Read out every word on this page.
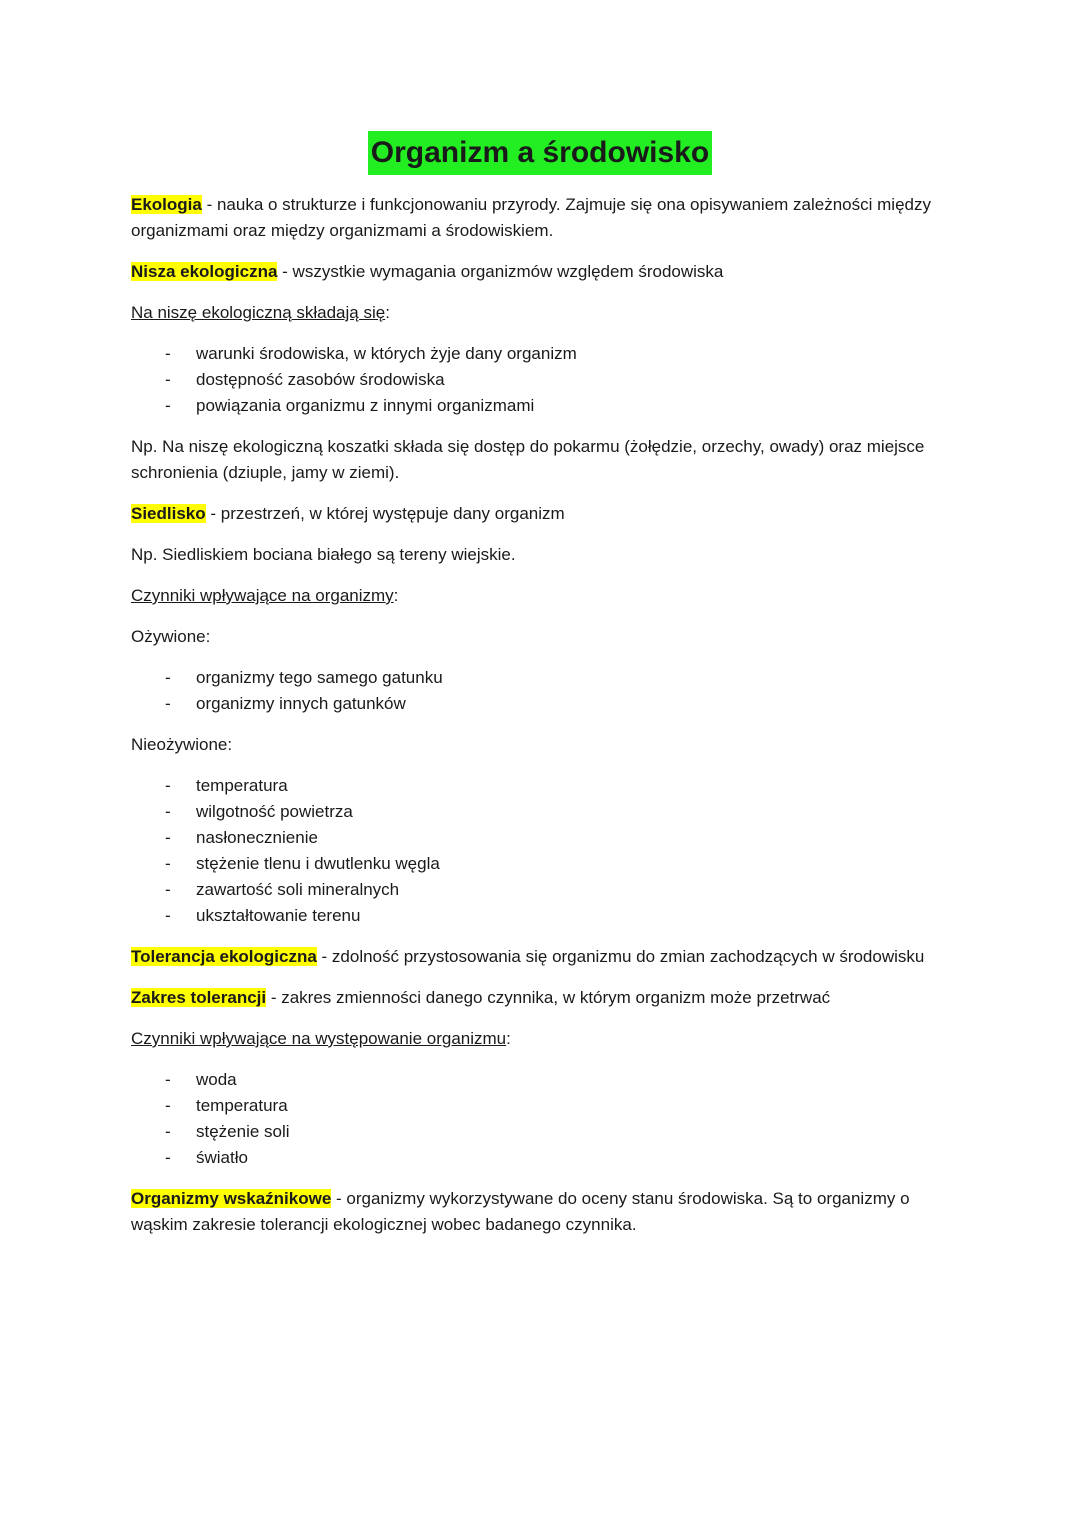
Organizm a środowisko

Ekologia - nauka o strukturze i funkcjonowaniu przyrody. Zajmuje się ona opisywaniem zależności między organizmami oraz między organizmami a środowiskiem.

Nisza ekologiczna - wszystkie wymagania organizmów względem środowiska

Na niszę ekologiczną składają się:

- warunki środowiska, w których żyje dany organizm
- dostępność zasobów środowiska
- powiązania organizmu z innymi organizmami

Np. Na niszę ekologiczną koszatki składa się dostęp do pokarmu (żołędzie, orzechy, owady) oraz miejsce schronienia (dziuple, jamy w ziemi).

Siedlisko - przestrzeń, w której występuje dany organizm

Np. Siedliskiem bociana białego są tereny wiejskie.

Czynniki wpływające na organizmy:

Ożywione:

- organizmy tego samego gatunku
- organizmy innych gatunków

Nieożywione:

- temperatura
- wilgotność powietrza
- nasłonecznienie
- stężenie tlenu i dwutlenku węgla
- zawartość soli mineralnych
- ukształtowanie terenu

Tolerancja ekologiczna - zdolność przystosowania się organizmu do zmian zachodzących w środowisku

Zakres tolerancji - zakres zmienności danego czynnika, w którym organizm może przetrwać

Czynniki wpływające na występowanie organizmu:

- woda
- temperatura
- stężenie soli
- światło

Organizmy wskaźnikowe - organizmy wykorzystywane do oceny stanu środowiska. Są to organizmy o wąskim zakresie tolerancji ekologicznej wobec badanego czynnika.
